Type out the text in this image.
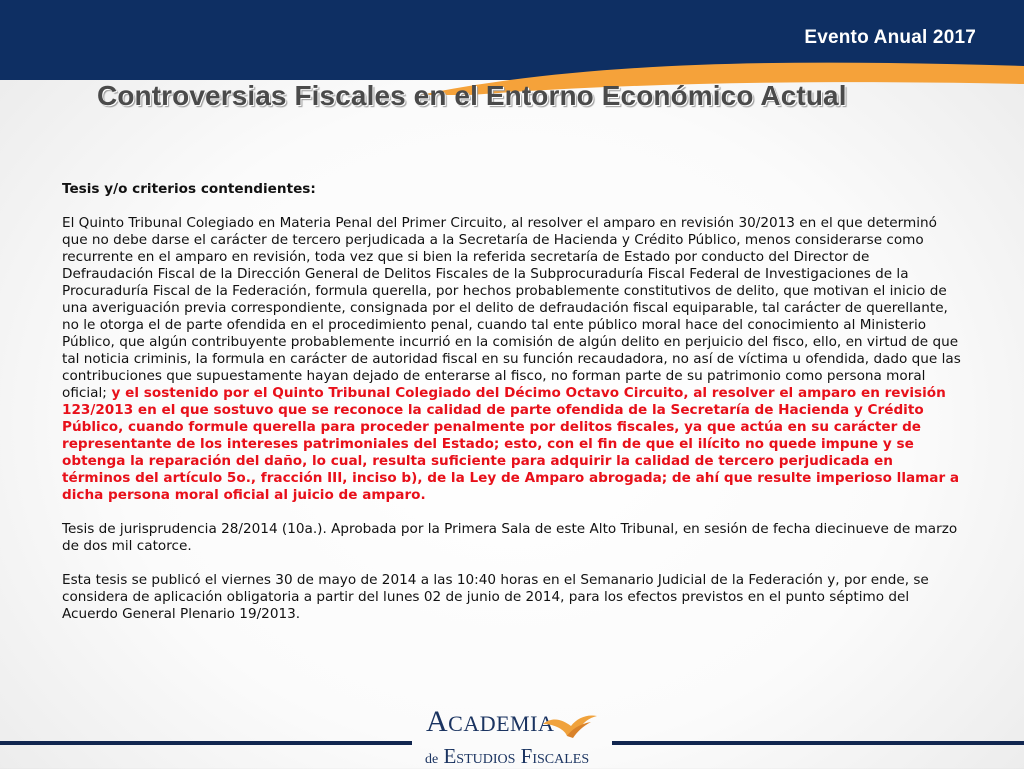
Evento Anual 2017
Controversias Fiscales en el Entorno Económico Actual

Tesis y/o criterios contendientes:

El Quinto Tribunal Colegiado en Materia Penal del Primer Circuito, al resolver el amparo en revisión 30/2013 en el que determinó que no debe darse el carácter de tercero perjudicada a la Secretaría de Hacienda y Crédito Público, menos considerarse como recurrente en el amparo en revisión, toda vez que si bien la referida secretaría de Estado por conducto del Director de Defraudación Fiscal de la Dirección General de Delitos Fiscales de la Subprocuraduría Fiscal Federal de Investigaciones de la Procuraduría Fiscal de la Federación, formula querella, por hechos probablemente constitutivos de delito, que motivan el inicio de una averiguación previa correspondiente, consignada por el delito de defraudación fiscal equiparable, tal carácter de querellante, no le otorga el de parte ofendida en el procedimiento penal, cuando tal ente público moral hace del conocimiento al Ministerio Público, que algún contribuyente probablemente incurrió en la comisión de algún delito en perjuicio del fisco, ello, en virtud de que tal noticia criminis, la formula en carácter de autoridad fiscal en su función recaudadora, no así de víctima u ofendida, dado que las contribuciones que supuestamente hayan dejado de enterarse al fisco, no forman parte de su patrimonio como persona moral oficial; y el sostenido por el Quinto Tribunal Colegiado del Décimo Octavo Circuito, al resolver el amparo en revisión 123/2013 en el que sostuvo que se reconoce la calidad de parte ofendida de la Secretaría de Hacienda y Crédito Público, cuando formule querella para proceder penalmente por delitos fiscales, ya que actúa en su carácter de representante de los intereses patrimoniales del Estado; esto, con el fin de que el ilícito no quede impune y se obtenga la reparación del daño, lo cual, resulta suficiente para adquirir la calidad de tercero perjudicada en términos del artículo 5o., fracción III, inciso b), de la Ley de Amparo abrogada; de ahí que resulte imperioso llamar a dicha persona moral oficial al juicio de amparo.

Tesis de jurisprudencia 28/2014 (10a.). Aprobada por la Primera Sala de este Alto Tribunal, en sesión de fecha diecinueve de marzo de dos mil catorce.

Esta tesis se publicó el viernes 30 de mayo de 2014 a las 10:40 horas en el Semanario Judicial de la Federación y, por ende, se considera de aplicación obligatoria a partir del lunes 02 de junio de 2014, para los efectos previstos en el punto séptimo del Acuerdo General Plenario 19/2013.

ACADEMIA
de ESTUDIOS FISCALES
